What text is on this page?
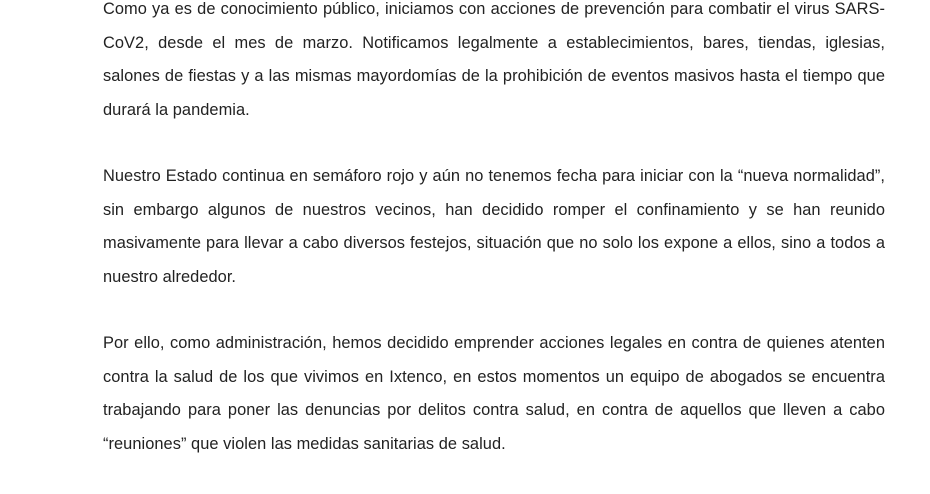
Como ya es de conocimiento público, iniciamos con acciones de prevención para combatir el virus SARS-CoV2, desde el mes de marzo. Notificamos legalmente a establecimientos, bares, tiendas, iglesias, salones de fiestas y a las mismas mayordomías de la prohibición de eventos masivos hasta el tiempo que durará la pandemia.

Nuestro Estado continua en semáforo rojo y aún no tenemos fecha para iniciar con la “nueva normalidad”, sin embargo algunos de nuestros vecinos, han decidido romper el confinamiento y se han reunido masivamente para llevar a cabo diversos festejos, situación que no solo los expone a ellos, sino a todos a nuestro alrededor.

Por ello, como administración, hemos decidido emprender acciones legales en contra de quienes atenten contra la salud de los que vivimos en Ixtenco, en estos momentos un equipo de abogados se encuentra trabajando para poner las denuncias por delitos contra salud, en contra de aquellos que lleven a cabo “reuniones” que violen las medidas sanitarias de salud.
